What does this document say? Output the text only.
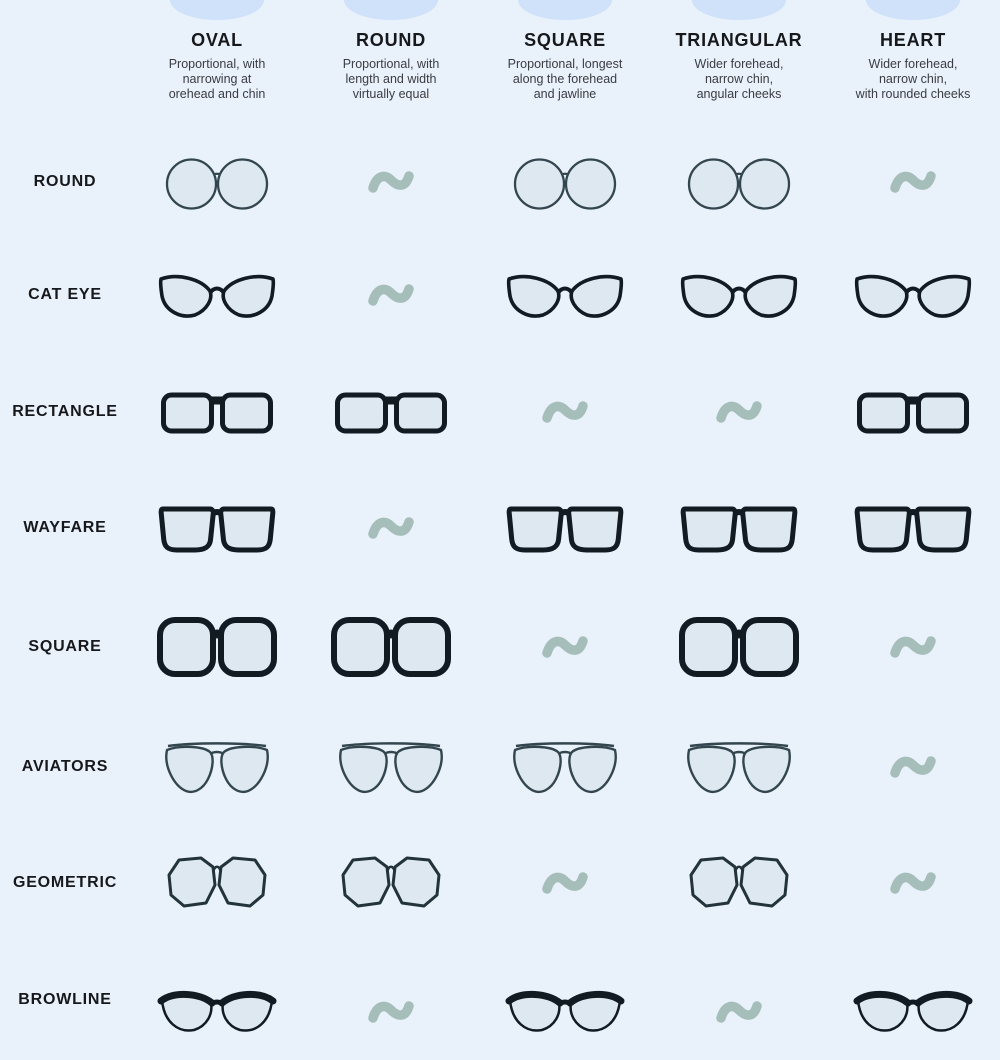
OVAL
Proportional, with
narrowing at
orehead and chin
ROUND
Proportional, with
length and width
virtually equal
SQUARE
Proportional, longest
along the forehead
and jawline
TRIANGULAR
Wider forehead,
narrow chin,
angular cheeks
HEART
Wider forehead,
narrow chin,
with rounded cheeks
ROUND
CAT EYE
RECTANGLE
WAYFARE
SQUARE
AVIATORS
GEOMETRIC
BROWLINE
